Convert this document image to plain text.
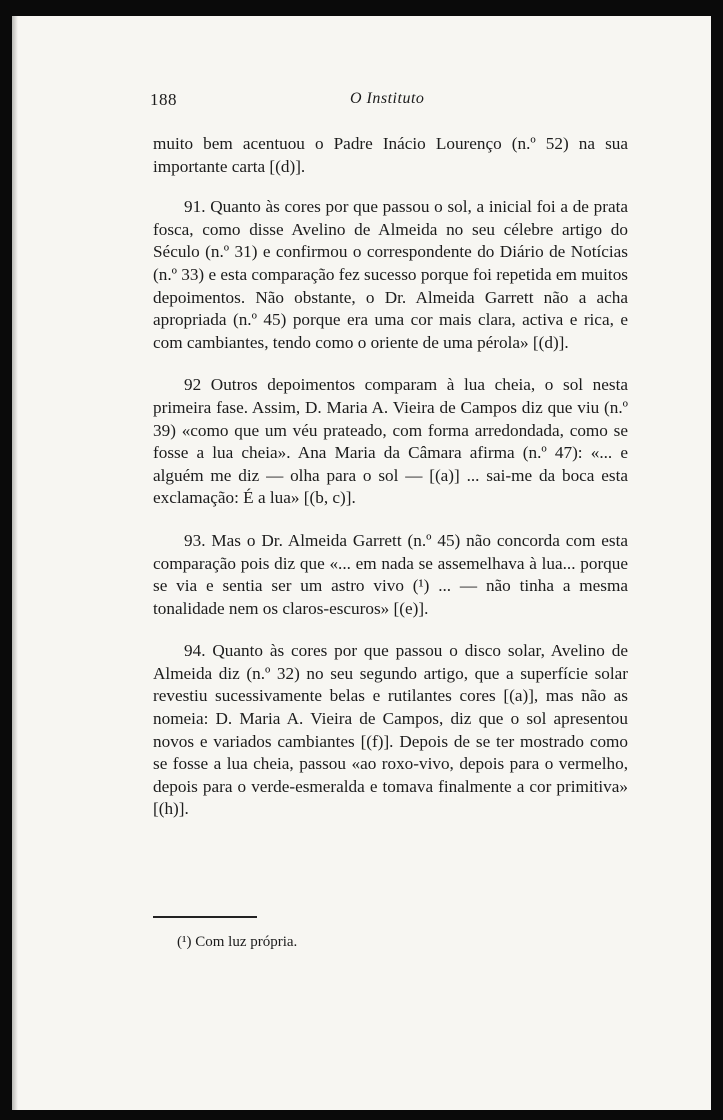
188	O Instituto

muito bem acentuou o Padre Inácio Lourenço (n.º 52) na sua importante carta [(d)].

91. Quanto às cores por que passou o sol, a inicial foi a de prata fosca, como disse Avelino de Almeida no seu célebre artigo do Século (n.º 31) e confirmou o correspondente do Diário de Notícias (n.º 33) e esta comparação fez sucesso porque foi repetida em muitos depoimentos. Não obstante, o Dr. Almeida Garrett não a acha apropriada (n.º 45) porque era uma cor mais clara, activa e rica, e com cambiantes, tendo como o oriente de uma pérola» [(d)].

92 Outros depoimentos comparam à lua cheia, o sol nesta primeira fase. Assim, D. Maria A. Vieira de Campos diz que viu (n.º 39) «como que um véu prateado, com forma arredondada, como se fosse a lua cheia». Ana Maria da Câmara afirma (n.º 47): «... e alguém me diz — olha para o sol — [(a)] ... sai-me da boca esta exclamação: É a lua» [(b, c)].

93. Mas o Dr. Almeida Garrett (n.º 45) não concorda com esta comparação pois diz que «... em nada se assemelhava à lua... porque se via e sentia ser um astro vivo (¹) ... — não tinha a mesma tonalidade nem os claros-escuros» [(e)].

94. Quanto às cores por que passou o disco solar, Avelino de Almeida diz (n.º 32) no seu segundo artigo, que a superfície solar revestiu sucessivamente belas e rutilantes cores [(a)], mas não as nomeia: D. Maria A. Vieira de Campos, diz que o sol apresentou novos e variados cambiantes [(f)]. Depois de se ter mostrado como se fosse a lua cheia, passou «ao roxo-vivo, depois para o vermelho, depois para o verde-esmeralda e tomava finalmente a cor primitiva» [(h)].

(¹) Com luz própria.
